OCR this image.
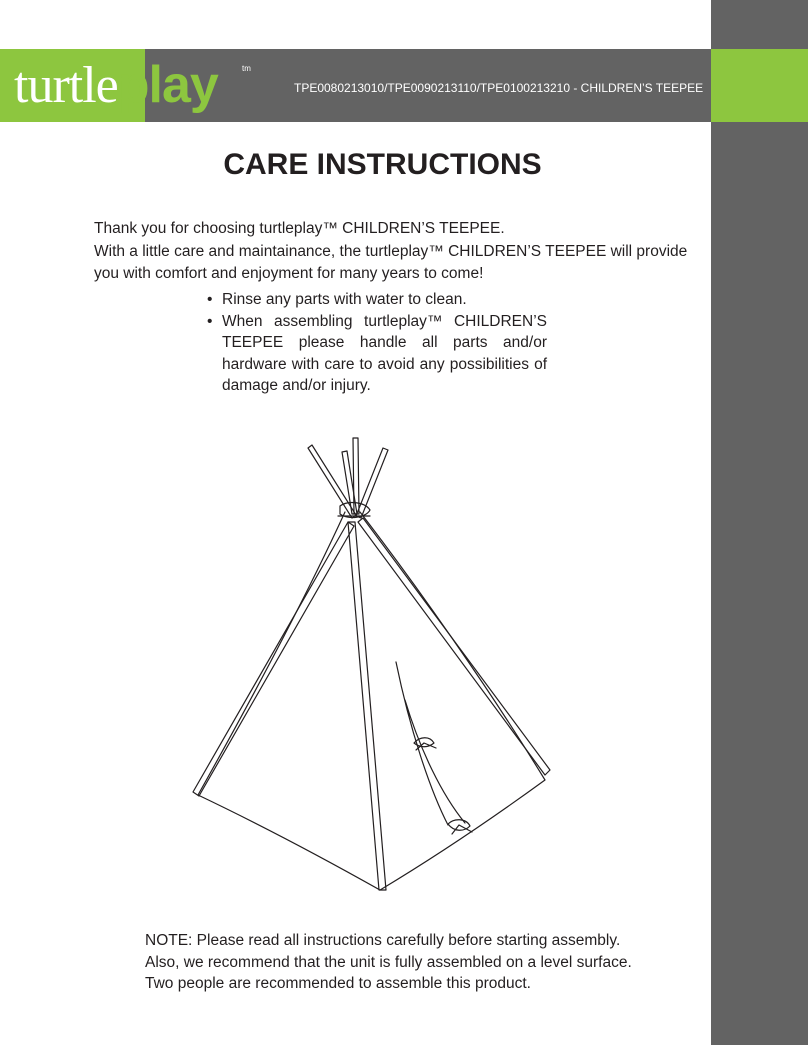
turtleplay	tm
TPE0080213010/TPE0090213110/TPE0100213210 - CHILDREN’S TEEPEE
CARE INSTRUCTIONS

Thank you for choosing turtleplay™ CHILDREN’S TEEPEE.

With a little care and maintainance, the turtleplay™ CHILDREN’S TEEPEE will provide you with comfort and enjoyment for many years to come!

• Rinse any parts with water to clean.
• When assembling turtleplay™ CHILDREN’S TEEPEE please handle all parts and/or hardware with care to avoid any possibilities of damage and/or injury.

NOTE: Please read all instructions carefully before starting assembly.

Also, we recommend that the unit is fully assembled on a level surface.

Two people are recommended to assemble this product.
